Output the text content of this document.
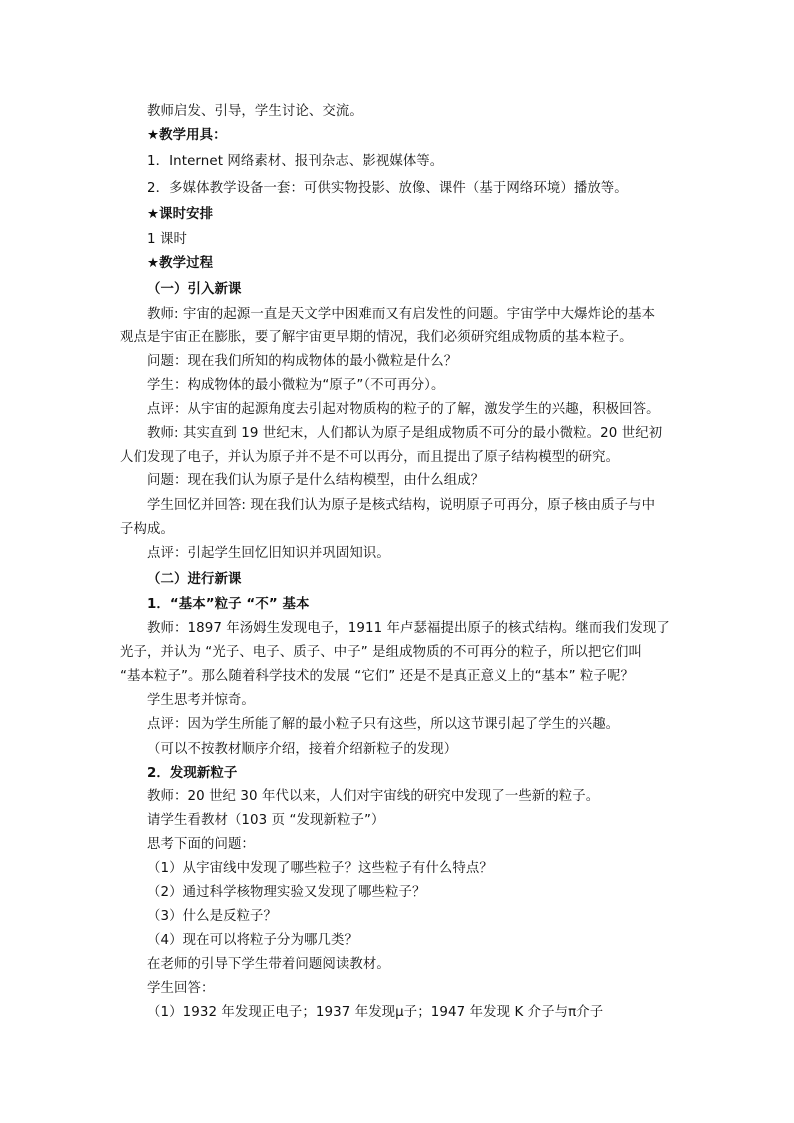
教师启发、引导，学生讨论、交流。
★教学用具：
1．Internet 网络素材、报刊杂志、影视媒体等。
2．多媒体教学设备一套：可供实物投影、放像、课件（基于网络环境）播放等。
★课时安排
1 课时
★教学过程
（一）引入新课
教师: 宇宙的起源一直是天文学中困难而又有启发性的问题。宇宙学中大爆炸论的基本
观点是宇宙正在膨胀，要了解宇宙更早期的情况，我们必须研究组成物质的基本粒子。
问题：现在我们所知的构成物体的最小微粒是什么？
学生：构成物体的最小微粒为“原子”（不可再分）。
点评：从宇宙的起源角度去引起对物质构的粒子的了解，激发学生的兴趣，积极回答。
教师: 其实直到 19 世纪末，人们都认为原子是组成物质不可分的最小微粒。20 世纪初
人们发现了电子，并认为原子并不是不可以再分，而且提出了原子结构模型的研究。
问题：现在我们认为原子是什么结构模型，由什么组成？
学生回忆并回答: 现在我们认为原子是核式结构，说明原子可再分，原子核由质子与中
子构成。
点评：引起学生回忆旧知识并巩固知识。
（二）进行新课
1．“基本”粒子 “不” 基本
教师：1897 年汤姆生发现电子，1911 年卢瑟福提出原子的核式结构。继而我们发现了
光子，并认为 “光子、电子、质子、中子” 是组成物质的不可再分的粒子，所以把它们叫
“基本粒子”。那么随着科学技术的发展 “它们” 还是不是真正意义上的“基本” 粒子呢？
学生思考并惊奇。
点评：因为学生所能了解的最小粒子只有这些，所以这节课引起了学生的兴趣。
（可以不按教材顺序介绍，接着介绍新粒子的发现）
2．发现新粒子
教师：20 世纪 30 年代以来，人们对宇宙线的研究中发现了一些新的粒子。
请学生看教材（103 页 “发现新粒子”）
思考下面的问题：
（1）从宇宙线中发现了哪些粒子？这些粒子有什么特点？
（2）通过科学核物理实验又发现了哪些粒子？
（3）什么是反粒子？
（4）现在可以将粒子分为哪几类？
在老师的引导下学生带着问题阅读教材。
学生回答：
（1）1932 年发现正电子；1937 年发现μ子；1947 年发现 K 介子与π介子
